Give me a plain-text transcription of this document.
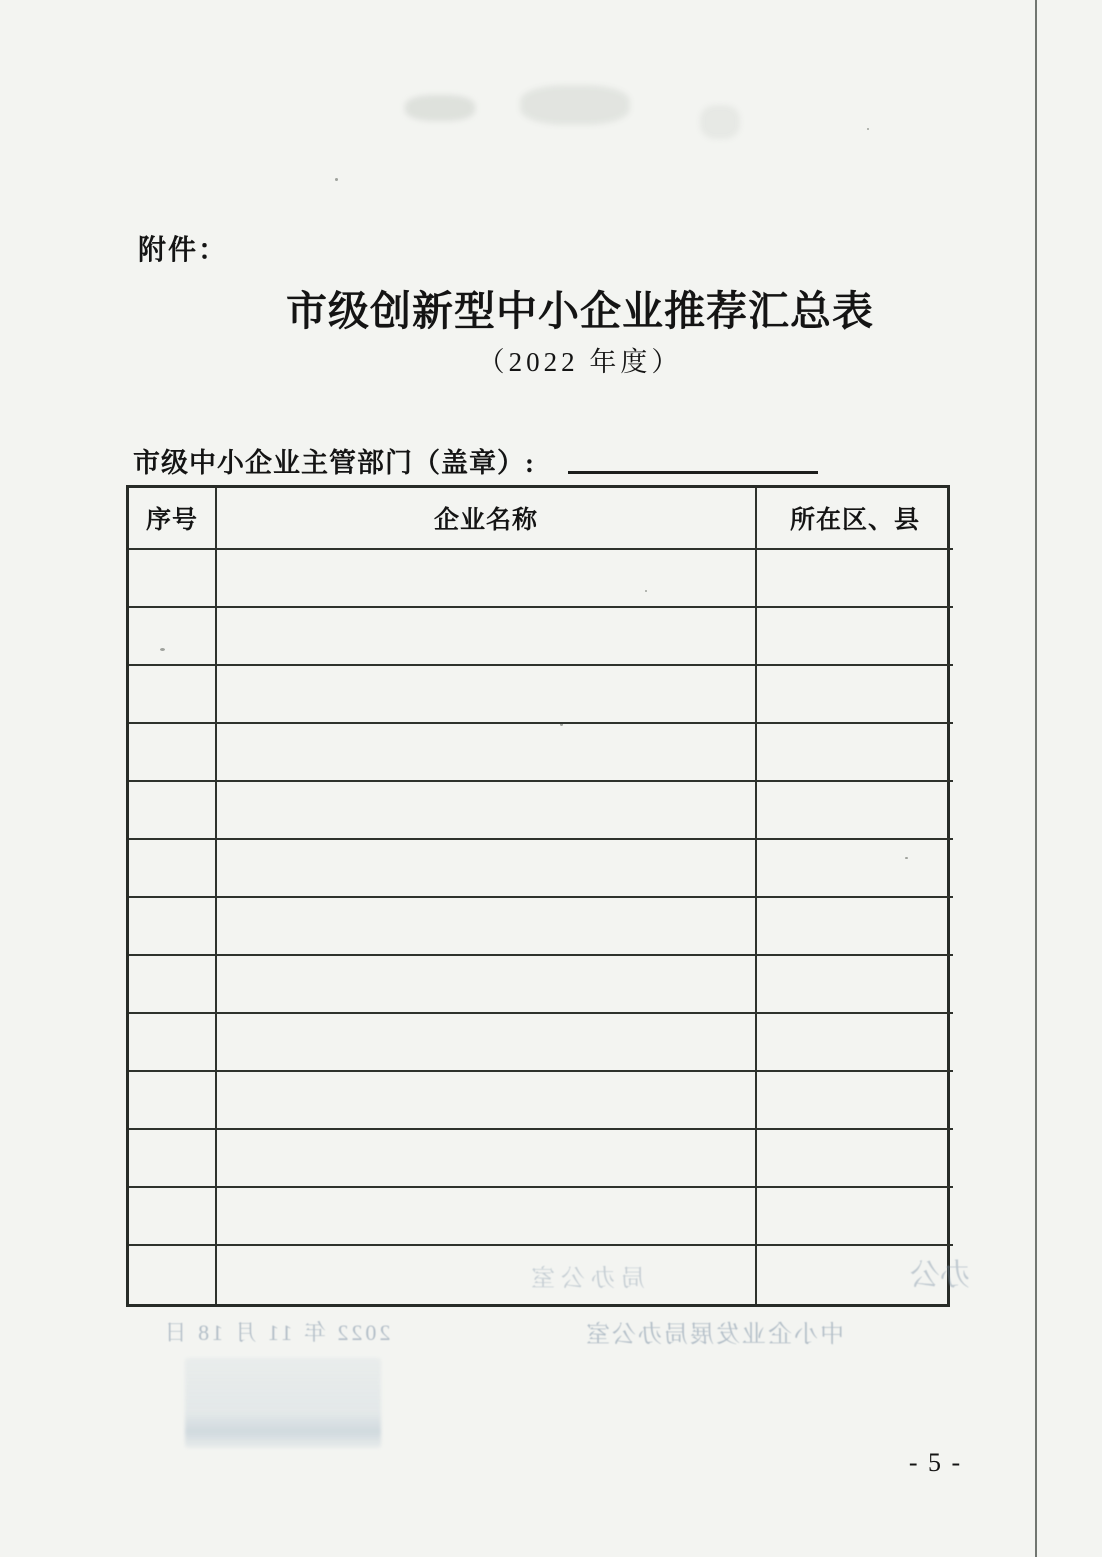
附件：
市级创新型中小企业推荐汇总表
（2022 年度）
市级中小企业主管部门（盖章）:
序号	企业名称	所在区、县
局办公室	办公
2022 年 11 月 18 日	中小企业发展局办公室
- 5 -
